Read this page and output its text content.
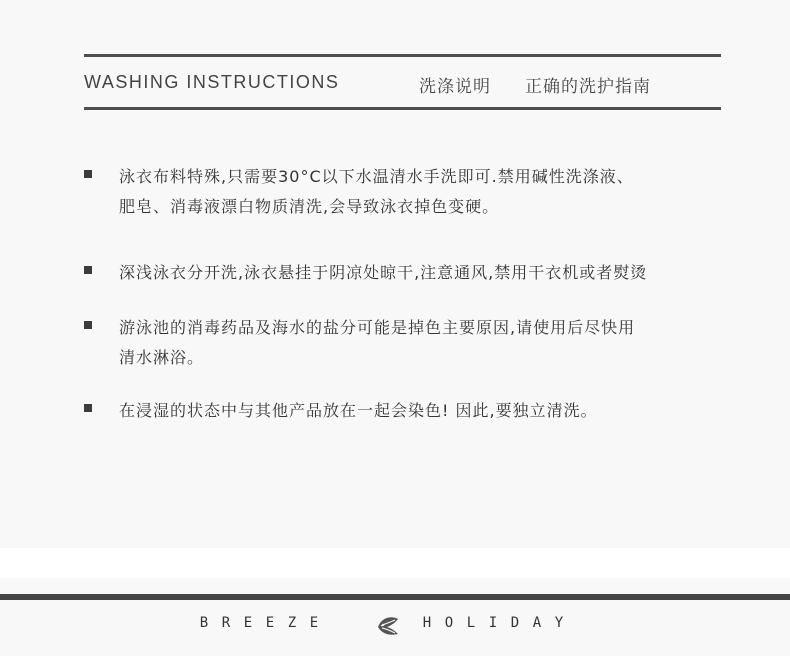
WASHING INSTRUCTIONS	洗涤说明 正确的洗护指南
泳衣布料特殊,只需要30°C以下水温清水手洗即可.禁用碱性洗涤液、
肥皂、消毒液漂白物质清洗,会导致泳衣掉色变硬。
深浅泳衣分开洗,泳衣悬挂于阴凉处晾干,注意通风,禁用干衣机或者熨烫
游泳池的消毒药品及海水的盐分可能是掉色主要原因,请使用后尽快用
清水淋浴。
在浸湿的状态中与其他产品放在一起会染色! 因此,要独立清洗。
B R E E Z E	H O L I D A Y
